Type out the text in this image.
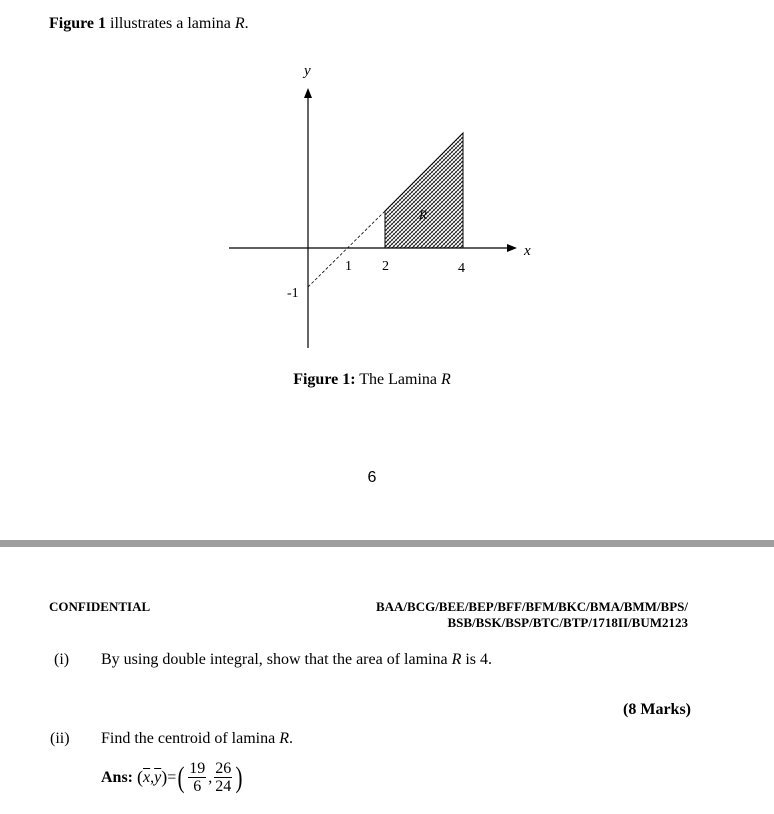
Figure 1 illustrates a lamina R.
y
x
R
1 2	4
-1
Figure 1: The Lamina R
6
CONFIDENTIAL	BAA/BCG/BEE/BEP/BFF/BFM/BKC/BMA/BMM/BPS/
BSB/BSK/BSP/BTC/BTP/1718II/BUM2123
(i) By using double integral, show that the area of lamina R is 4.
(8 Marks)
(ii) Find the centroid of lamina R.
Ans:
( $\overline{x}$ , $\overline{y}$ ) = ( $\frac{19}{6}$ , $\frac{26}{24}$ )
